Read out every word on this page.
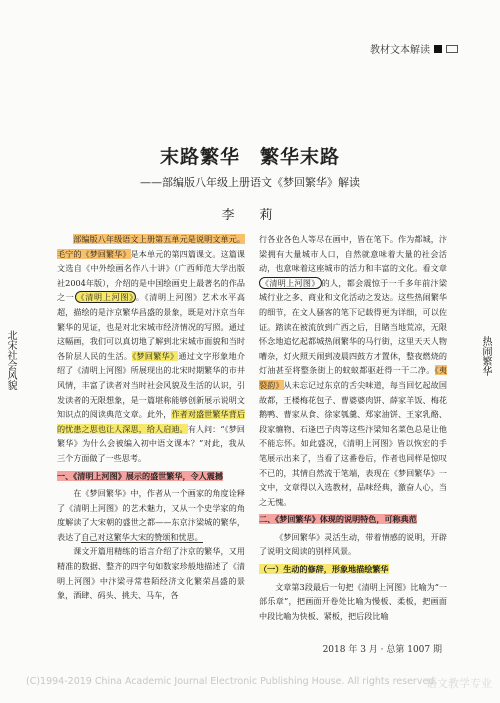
教材文本解读
末路繁华　繁华末路
——部编版八年级上册语文《梦回繁华》解读
李　莉
北宋社会风貌	热闹繁华

部编版八年级语文上册第五单元是说明文单元。毛宁的《梦回繁华》是本单元的第四篇课文。这篇课文选自《中外绘画名作八十讲》（广西师范大学出版社2004年版），介绍的是中国绘画史上最著名的作品之一 《清明上河图》 。《清明上河图》艺术水平高超，描绘的是汴京繁华昌盛的景象，既是对汴京当年繁华的见证，也是对北宋城市经济情况的写照。通过这幅画，我们可以真切地了解到北宋城市面貌和当时各阶层人民的生活。《梦回繁华》通过文字形象地介绍了《清明上河图》所展现出的北宋时期繁华的市井风情，丰富了读者对当时社会风貌及生活的认识，引发读者的无限想象，是一篇堪称能够创新展示说明文知识点的阅读典范文章。此外，作者对盛世繁华背后的忧患之思也让人深思，给人启迪。有人问：“《梦回繁华》为什么会被编入初中语文课本？”对此，我从三个方面做了一些思考。

一、《清明上河图》展示的盛世繁华，令人震撼

在《梦回繁华》中，作者从一个画家的角度诠释了《清明上河图》的艺术魅力，又从一个史学家的角度解读了大宋朝的盛世之都——东京汴梁城的繁华，表达了自己对这繁华大宋的赞颂和忧思。

课文开篇用精练的语言介绍了汴京的繁华，又用精准的数据、整齐的四字句如数家珍般地描述了《清明上河图》中汴梁寻常巷陌经济文化繁荣昌盛的景象，酒肆、码头、挑夫、马车，各

行各业各色人等尽在画中，皆在笔下。作为都城，汴梁拥有大量城市人口，自然就意味着大量的社会活动，也意味着这座城市的活力和丰富的文化。看文章《清明上河图》 的人，都会震惊于一千多年前汴梁城行业之多、商业和文化活动之发达。这些热闹繁华的细节，在文人骚客的笔下记载得更为详细，可以佐证。踏读在被流放到广西之后，目睹当地荒凉，无限怀念地追忆起都城热闹繁华的马行街，这里天天人物嘈杂，灯火照天闹到凌晨四鼓方才置休，整夜燃烧的灯油甚至将整条街上的蚊蚁都驱赶得一干二净。《夷裂韵》从未忘记过东京的舌尖味道，每当回忆起故国故都，王楼梅花包子、曹婆婆肉饼、薛家羊饭、梅花鹅鸭、曹家从食、徐家瓠羹、郑家油饼、王家乳酪、段家爊物、石逢巴子肉等这些汴梁知名菜色总是让他不能忘怀。如此盛况，《清明上河图》皆以恢宏的手笔展示出来了，当看了这番卷后，作者也同样是惊叹不已的，其情自然流于笔端，表现在《梦回繁华》一文中，文章得以入选教材，品味经典，激奋人心，当之无愧。

二、《梦回繁华》体现的说明特色，可称典范

《梦回繁华》灵活生动，带着情感的说明，开辟了说明文阅读的别样风景。

（一）生动的修辞，形象地描绘繁华

文章第3段最后一句把《清明上河图》比喻为“一部乐章”，把画面开卷处比喻为慢板、柔板，把画面中段比喻为快板、紧板，把后段比喻

2018 年 3 月 · 总第 1007 期
(C)1994-2019 China Academic Journal Electronic Publishing House. All rights reserved.
语文教学专业
